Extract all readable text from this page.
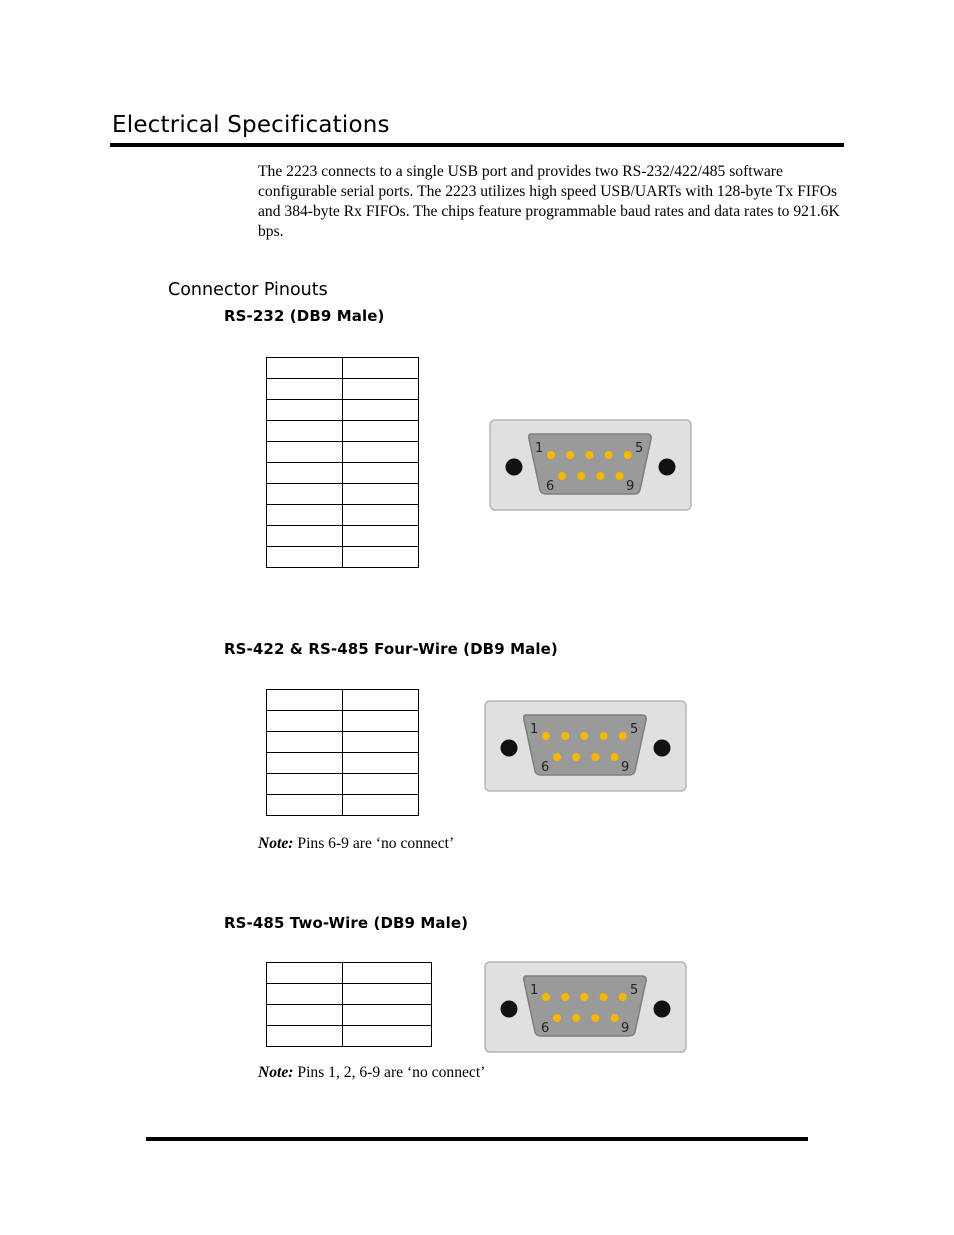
Electrical Specifications
The 2223 connects to a single USB port and provides two RS-232/422/485 software configurable serial ports. The 2223 utilizes high speed USB/UARTs with 128-byte Tx FIFOs and 384-byte Rx FIFOs. The chips feature programmable baud rates and data rates to 921.6K bps.
Connector Pinouts
RS-232 (DB9 Male)

1	5
6	9
RS-422 & RS-485 Four-Wire (DB9 Male)

1	5
6	9
Note: Pins 6-9 are ‘no connect’
RS-485 Two-Wire (DB9 Male)

1	5
6	9
Note: Pins 1, 2, 6-9 are ‘no connect’
